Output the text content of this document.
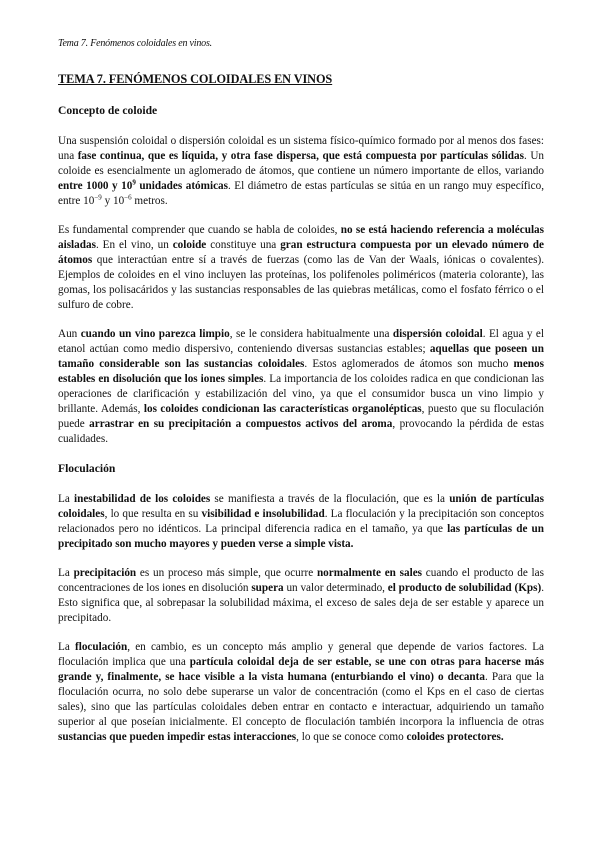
Tema 7. Fenómenos coloidales en vinos.
TEMA 7. FENÓMENOS COLOIDALES EN VINOS
Concepto de coloide

Una suspensión coloidal o dispersión coloidal es un sistema físico-químico formado por al menos dos fases: una fase continua, que es líquida, y otra fase dispersa, que está compuesta por partículas sólidas. Un coloide es esencialmente un aglomerado de átomos, que contiene un número importante de ellos, variando entre 1000 y $10^9$ unidades atómicas. El diámetro de estas partículas se sitúa en un rango muy específico, entre $10^{-9}$ y $10^{-6}$ metros.

Es fundamental comprender que cuando se habla de coloides, no se está haciendo referencia a moléculas aisladas. En el vino, un coloide constituye una gran estructura compuesta por un elevado número de átomos que interactúan entre sí a través de fuerzas (como las de Van der Waals, iónicas o covalentes). Ejemplos de coloides en el vino incluyen las proteínas, los polifenoles poliméricos (materia colorante), las gomas, los polisacáridos y las sustancias responsables de las quiebras metálicas, como el fosfato férrico o el sulfuro de cobre.

Aun cuando un vino parezca limpio, se le considera habitualmente una dispersión coloidal. El agua y el etanol actúan como medio dispersivo, conteniendo diversas sustancias estables; aquellas que poseen un tamaño considerable son las sustancias coloidales. Estos aglomerados de átomos son mucho menos estables en disolución que los iones simples. La importancia de los coloides radica en que condicionan las operaciones de clarificación y estabilización del vino, ya que el consumidor busca un vino limpio y brillante. Además, los coloides condicionan las características organolépticas, puesto que su floculación puede arrastrar en su precipitación a compuestos activos del aroma, provocando la pérdida de estas cualidades.

Floculación

La inestabilidad de los coloides se manifiesta a través de la floculación, que es la unión de partículas coloidales, lo que resulta en su visibilidad e insolubilidad. La floculación y la precipitación son conceptos relacionados pero no idénticos. La principal diferencia radica en el tamaño, ya que las partículas de un precipitado son mucho mayores y pueden verse a simple vista.

La precipitación es un proceso más simple, que ocurre normalmente en sales cuando el producto de las concentraciones de los iones en disolución supera un valor determinado, el producto de solubilidad (Kps). Esto significa que, al sobrepasar la solubilidad máxima, el exceso de sales deja de ser estable y aparece un precipitado.

La floculación, en cambio, es un concepto más amplio y general que depende de varios factores. La floculación implica que una partícula coloidal deja de ser estable, se une con otras para hacerse más grande y, finalmente, se hace visible a la vista humana (enturbiando el vino) o decanta. Para que la floculación ocurra, no solo debe superarse un valor de concentración (como el Kps en el caso de ciertas sales), sino que las partículas coloidales deben entrar en contacto e interactuar, adquiriendo un tamaño superior al que poseían inicialmente. El concepto de floculación también incorpora la influencia de otras sustancias que pueden impedir estas interacciones, lo que se conoce como coloides protectores.
